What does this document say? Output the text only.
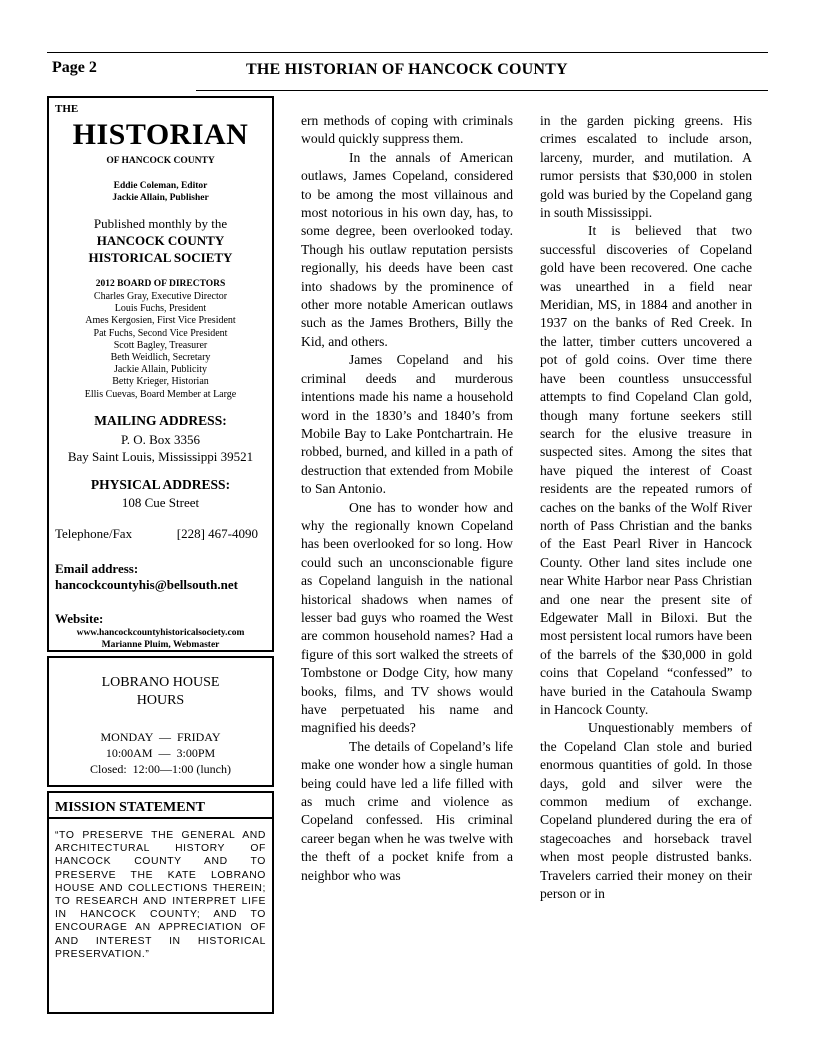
Page 2	THE HISTORIAN OF HANCOCK COUNTY
THE
HISTORIAN
OF HANCOCK COUNTY
Eddie Coleman, Editor
Jackie Allain, Publisher
Published monthly by the
HANCOCK COUNTY
HISTORICAL SOCIETY
2012 BOARD OF DIRECTORS
Charles Gray, Executive Director
Louis Fuchs, President
Ames Kergosien, First Vice President
Pat Fuchs, Second Vice President
Scott Bagley, Treasurer
Beth Weidlich, Secretary
Jackie Allain, Publicity
Betty Krieger, Historian
Ellis Cuevas, Board Member at Large
MAILING ADDRESS:
P. O. Box 3356
Bay Saint Louis, Mississippi 39521
PHYSICAL ADDRESS:
108 Cue Street
Telephone/Fax	[228] 467-4090
Email address:
hancockcountyhis@bellsouth.net
Website:
www.hancockcountyhistoricalsociety.com
Marianne Pluim, Webmaster
LOBRANO HOUSE
HOURS
MONDAY  —  FRIDAY
10:00AM  —  3:00PM
Closed:  12:00—1:00 (lunch)
MISSION STATEMENT
“TO PRESERVE THE GENERAL AND ARCHITECTURAL HISTORY OF HANCOCK COUNTY AND TO PRESERVE THE KATE LOBRANO HOUSE AND COLLECTIONS THEREIN; TO RESEARCH AND INTERPRET LIFE IN HANCOCK COUNTY; AND TO ENCOURAGE AN APPRECIATION OF AND INTEREST IN HISTORICAL PRESERVATION.”

ern methods of coping with criminals would quickly suppress them.

In the annals of American outlaws, James Copeland, considered to be among the most villainous and most notorious in his own day, has, to some degree, been overlooked today. Though his outlaw reputation persists regionally, his deeds have been cast into shadows by the prominence of other more notable American outlaws such as the James Brothers, Billy the Kid, and others.

James Copeland and his criminal deeds and murderous intentions made his name a household word in the 1830’s and 1840’s from Mobile Bay to Lake Pontchartrain. He robbed, burned, and killed in a path of destruction that extended from Mobile to San Antonio.

One has to wonder how and why the regionally known Copeland has been overlooked for so long. How could such an unconscionable figure as Copeland languish in the national historical shadows when names of lesser bad guys who roamed the West are common household names? Had a figure of this sort walked the streets of Tombstone or Dodge City, how many books, films, and TV shows would have perpetuated his name and magnified his deeds?

The details of Copeland’s life make one wonder how a single human being could have led a life filled with as much crime and violence as Copeland confessed. His criminal career began when he was twelve with the theft of a pocket knife from a neighbor who was

in the garden picking greens. His crimes escalated to include arson, larceny, murder, and mutilation. A rumor persists that $30,000 in stolen gold was buried by the Copeland gang in south Mississippi.

It is believed that two successful discoveries of Copeland gold have been recovered. One cache was unearthed in a field near Meridian, MS, in 1884 and another in 1937 on the banks of Red Creek. In the latter, timber cutters uncovered a pot of gold coins. Over time there have been countless unsuccessful attempts to find Copeland Clan gold, though many fortune seekers still search for the elusive treasure in suspected sites. Among the sites that have piqued the interest of Coast residents are the repeated rumors of caches on the banks of the Wolf River north of Pass Christian and the banks of the East Pearl River in Hancock County. Other land sites include one near White Harbor near Pass Christian and one near the present site of Edgewater Mall in Biloxi. But the most persistent local rumors have been of the barrels of the $30,000 in gold coins that Copeland “confessed” to have buried in the Catahoula Swamp in Hancock County.

Unquestionably members of the Copeland Clan stole and buried enormous quantities of gold. In those days, gold and silver were the common medium of exchange. Copeland plundered during the era of stagecoaches and horseback travel when most people distrusted banks. Travelers carried their money on their person or in
